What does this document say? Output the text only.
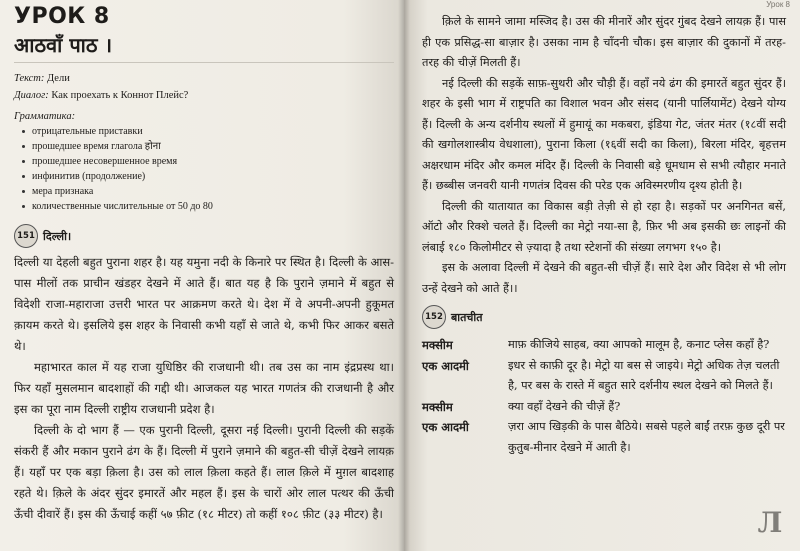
УРОК 8
आठवाँ पाठ ।

Текст: Дели

Диалог: Как проехать к Коннот Плейс?

Грамматика:

отрицательные приставки
прошедшее время глагола होना
прошедшее несовершенное время
инфинитив (продолжение)
мера признака
количественные числительные от 50 до 80
151 दिल्ली।

दिल्ली या देहली बहुत पुराना शहर है। यह यमुना नदी के किनारे पर स्थित है। दिल्ली के आस-पास मीलों तक प्राचीन खंडहर देखने में आते हैं। बात यह है कि पुराने ज़माने में बहुत से विदेशी राजा-महाराजा उत्तरी भारत पर आक्रमण करते थे। देश में वे अपनी-अपनी हुकूमत क़ायम करते थे। इसलिये इस शहर के निवासी कभी यहाँ से जाते थे, कभी फिर आकर बसते थे।

महाभारत काल में यह राजा युधिष्ठिर की राजधानी थी। तब उस का नाम इंद्रप्रस्थ था। फिर यहाँ मुसलमान बादशाहों की गद्दी थी। आजकल यह भारत गणतंत्र की राजधानी है और इस का पूरा नाम दिल्ली राष्ट्रीय राजधानी प्रदेश है।

दिल्ली के दो भाग हैं — एक पुरानी दिल्ली, दूसरा नई दिल्ली। पुरानी दिल्ली की सड़कें संकरी हैं और मकान पुराने ढंग के हैं। दिल्ली में पुराने ज़माने की बहुत-सी चीज़ें देखने लायक़ हैं। यहाँ पर एक बड़ा क़िला है। उस को लाल क़िला कहते हैं। लाल क़िले में मुग़ल बादशाह रहते थे। क़िले के अंदर सुंदर इमारतें और महल हैं। इस के चारों ओर लाल पत्थर की ऊँची ऊँची दीवारें हैं। इस की ऊँचाई कहीं ५७ फ़ीट (१८ मीटर) तो कहीं १०८ फ़ीट (३३ मीटर) है।

Урок 8

क़िले के सामने जामा मस्जिद है। उस की मीनारें और सुंदर गुंबद देखने लायक़ हैं। पास ही एक प्रसिद्ध-सा बाज़ार है। उसका नाम है चाँदनी चौक। इस बाज़ार की दुकानों में तरह-तरह की चीज़ें मिलती हैं।

नई दिल्ली की सड़कें साफ़-सुथरी और चौड़ी हैं। वहाँ नये ढंग की इमारतें बहुत सुंदर हैं। शहर के इसी भाग में राष्ट्रपति का विशाल भवन और संसद (यानी पार्लियामेंट) देखने योग्य हैं। दिल्ली के अन्य दर्शनीय स्थलों में हुमायूं का मकबरा, इंडिया गेट, जंतर मंतर (१८वीं सदी की खगोलशास्त्रीय वेधशाला), पुराना किला (१६वीं सदी का किला), बिरला मंदिर, बृहत्तम अक्षरधाम मंदिर और कमल मंदिर हैं। दिल्ली के निवासी बड़े धूमधाम से सभी त्यौहार मनाते हैं। छब्बीस जनवरी यानी गणतंत्र दिवस की परेड एक अविस्मरणीय दृश्य होती है।

दिल्ली की यातायात का विकास बड़ी तेज़ी से हो रहा है। सड़कों पर अनगिनत बसें, ऑटो और रिक्शे चलते हैं। दिल्ली का मेट्रो नया-सा है, फ़िर भी अब इसकी छः लाइनों की लंबाई १८० किलोमीटर से ज़्यादा है तथा स्टेशनों की संख्या लगभग १५० है।

इस के अलावा दिल्ली में देखने की बहुत-सी चीज़ें हैं। सारे देश और विदेश से भी लोग उन्हें देखने को आते हैं।।

152 बातचीत
मक्सीम	माफ़ कीजिये साहब, क्या आपको मालूम है, कनाट प्लेस कहाँ है?
एक आदमी	इधर से काफ़ी दूर है। मेट्रो या बस से जाइये। मेट्रो अधिक तेज़ चलती है, पर बस के रास्ते में बहुत सारे दर्शनीय स्थल देखने को मिलते हैं।
मक्सीम	क्या वहाँ देखने की चीज़ें हैं?
एक आदमी	ज़रा आप खिड़की के पास बैठिये। सबसे पहले बाईं तरफ़ कुछ दूरी पर कुतुब-मीनार देखने में आती है।
Л
